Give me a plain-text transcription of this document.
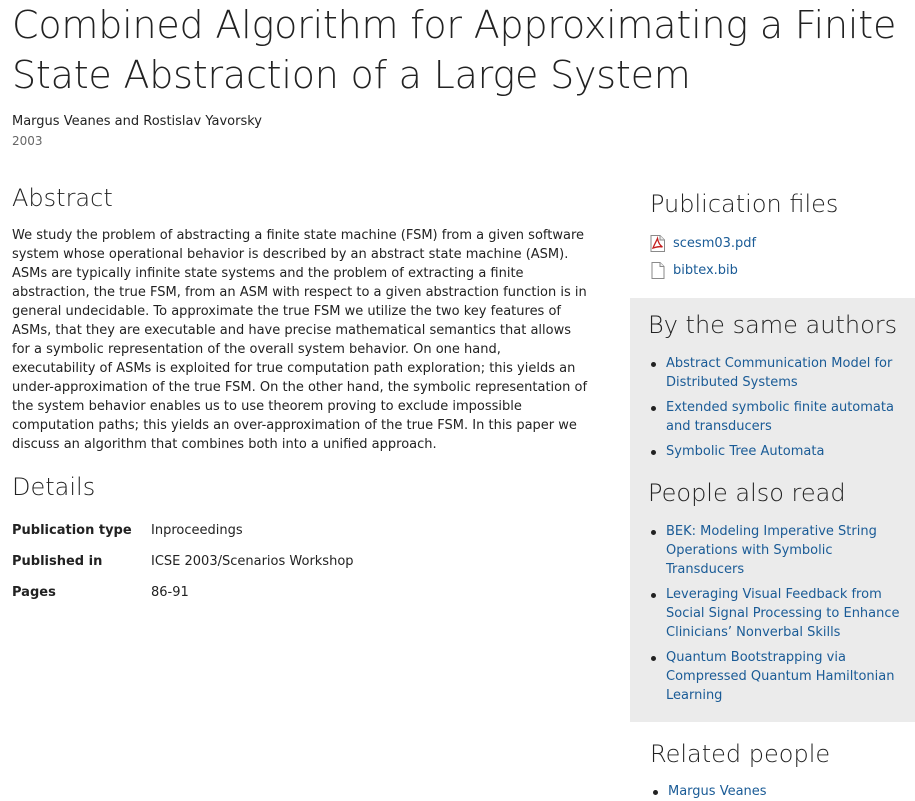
Combined Algorithm for Approximating a Finite State Abstraction of a Large System
Margus Veanes and Rostislav Yavorsky
2003
Abstract

We study the problem of abstracting a finite state machine (FSM) from a given software system whose operational behavior is described by an abstract state machine (ASM). ASMs are typically infinite state systems and the problem of extracting a finite abstraction, the true FSM, from an ASM with respect to a given abstraction function is in general undecidable. To approximate the true FSM we utilize the two key features of ASMs, that they are executable and have precise mathematical semantics that allows for a symbolic representation of the overall system behavior. On one hand, executability of ASMs is exploited for true computation path exploration; this yields an under-approximation of the true FSM. On the other hand, the symbolic representation of the system behavior enables us to use theorem proving to exclude impossible computation paths; this yields an over-approximation of the true FSM. In this paper we discuss an algorithm that combines both into a unified approach.

Details
Publication type	Inproceedings
Published in	ICSE 2003/Scenarios Workshop
Pages	86-91
Publication files
scesm03.pdf
bibtex.bib
By the same authors
Abstract Communication Model for Distributed Systems
Extended symbolic finite automata and transducers
Symbolic Tree Automata
People also read
BEK: Modeling Imperative String Operations with Symbolic Transducers
Leveraging Visual Feedback from Social Signal Processing to Enhance Clinicians’ Nonverbal Skills
Quantum Bootstrapping via Compressed Quantum Hamiltonian Learning
Related people
Margus Veanes
